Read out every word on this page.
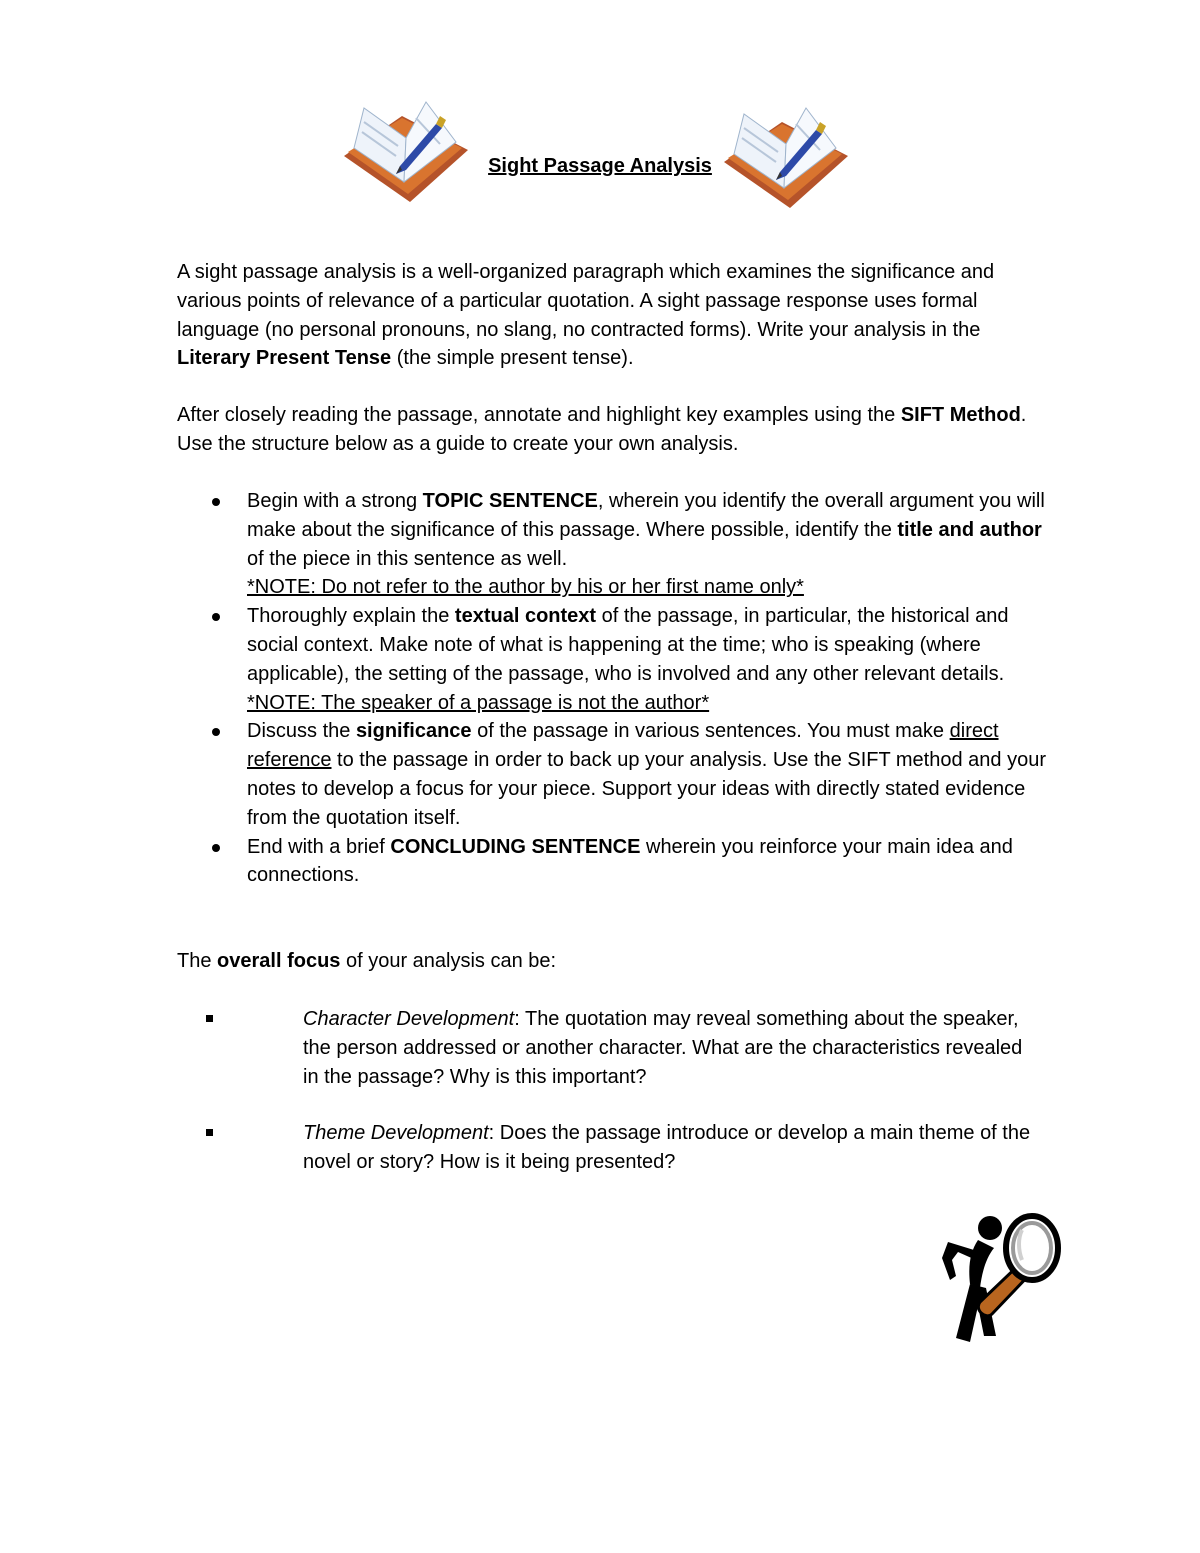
Sight Passage Analysis

A sight passage analysis is a well-organized paragraph which examines the significance and various points of relevance of a particular quotation. A sight passage response uses formal language (no personal pronouns, no slang, no contracted forms). Write your analysis in the Literary Present Tense (the simple present tense).

After closely reading the passage, annotate and highlight key examples using the SIFT Method. Use the structure below as a guide to create your own analysis.

Begin with a strong TOPIC SENTENCE, wherein you identify the overall argument you will make about the significance of this passage. Where possible, identify the title and author of the piece in this sentence as well.
*NOTE: Do not refer to the author by his or her first name only*
Thoroughly explain the textual context of the passage, in particular, the historical and social context. Make note of what is happening at the time; who is speaking (where applicable), the setting of the passage, who is involved and any other relevant details.
*NOTE: The speaker of a passage is not the author*
Discuss the significance of the passage in various sentences. You must make direct reference to the passage in order to back up your analysis. Use the SIFT method and your notes to develop a focus for your piece. Support your ideas with directly stated evidence from the quotation itself.
End with a brief CONCLUDING SENTENCE wherein you reinforce your main idea and connections.

The overall focus of your analysis can be:

Character Development: The quotation may reveal something about the speaker, the person addressed or another character. What are the characteristics revealed in the passage? Why is this important?

Theme Development: Does the passage introduce or develop a main theme of the novel or story? How is it being presented?
